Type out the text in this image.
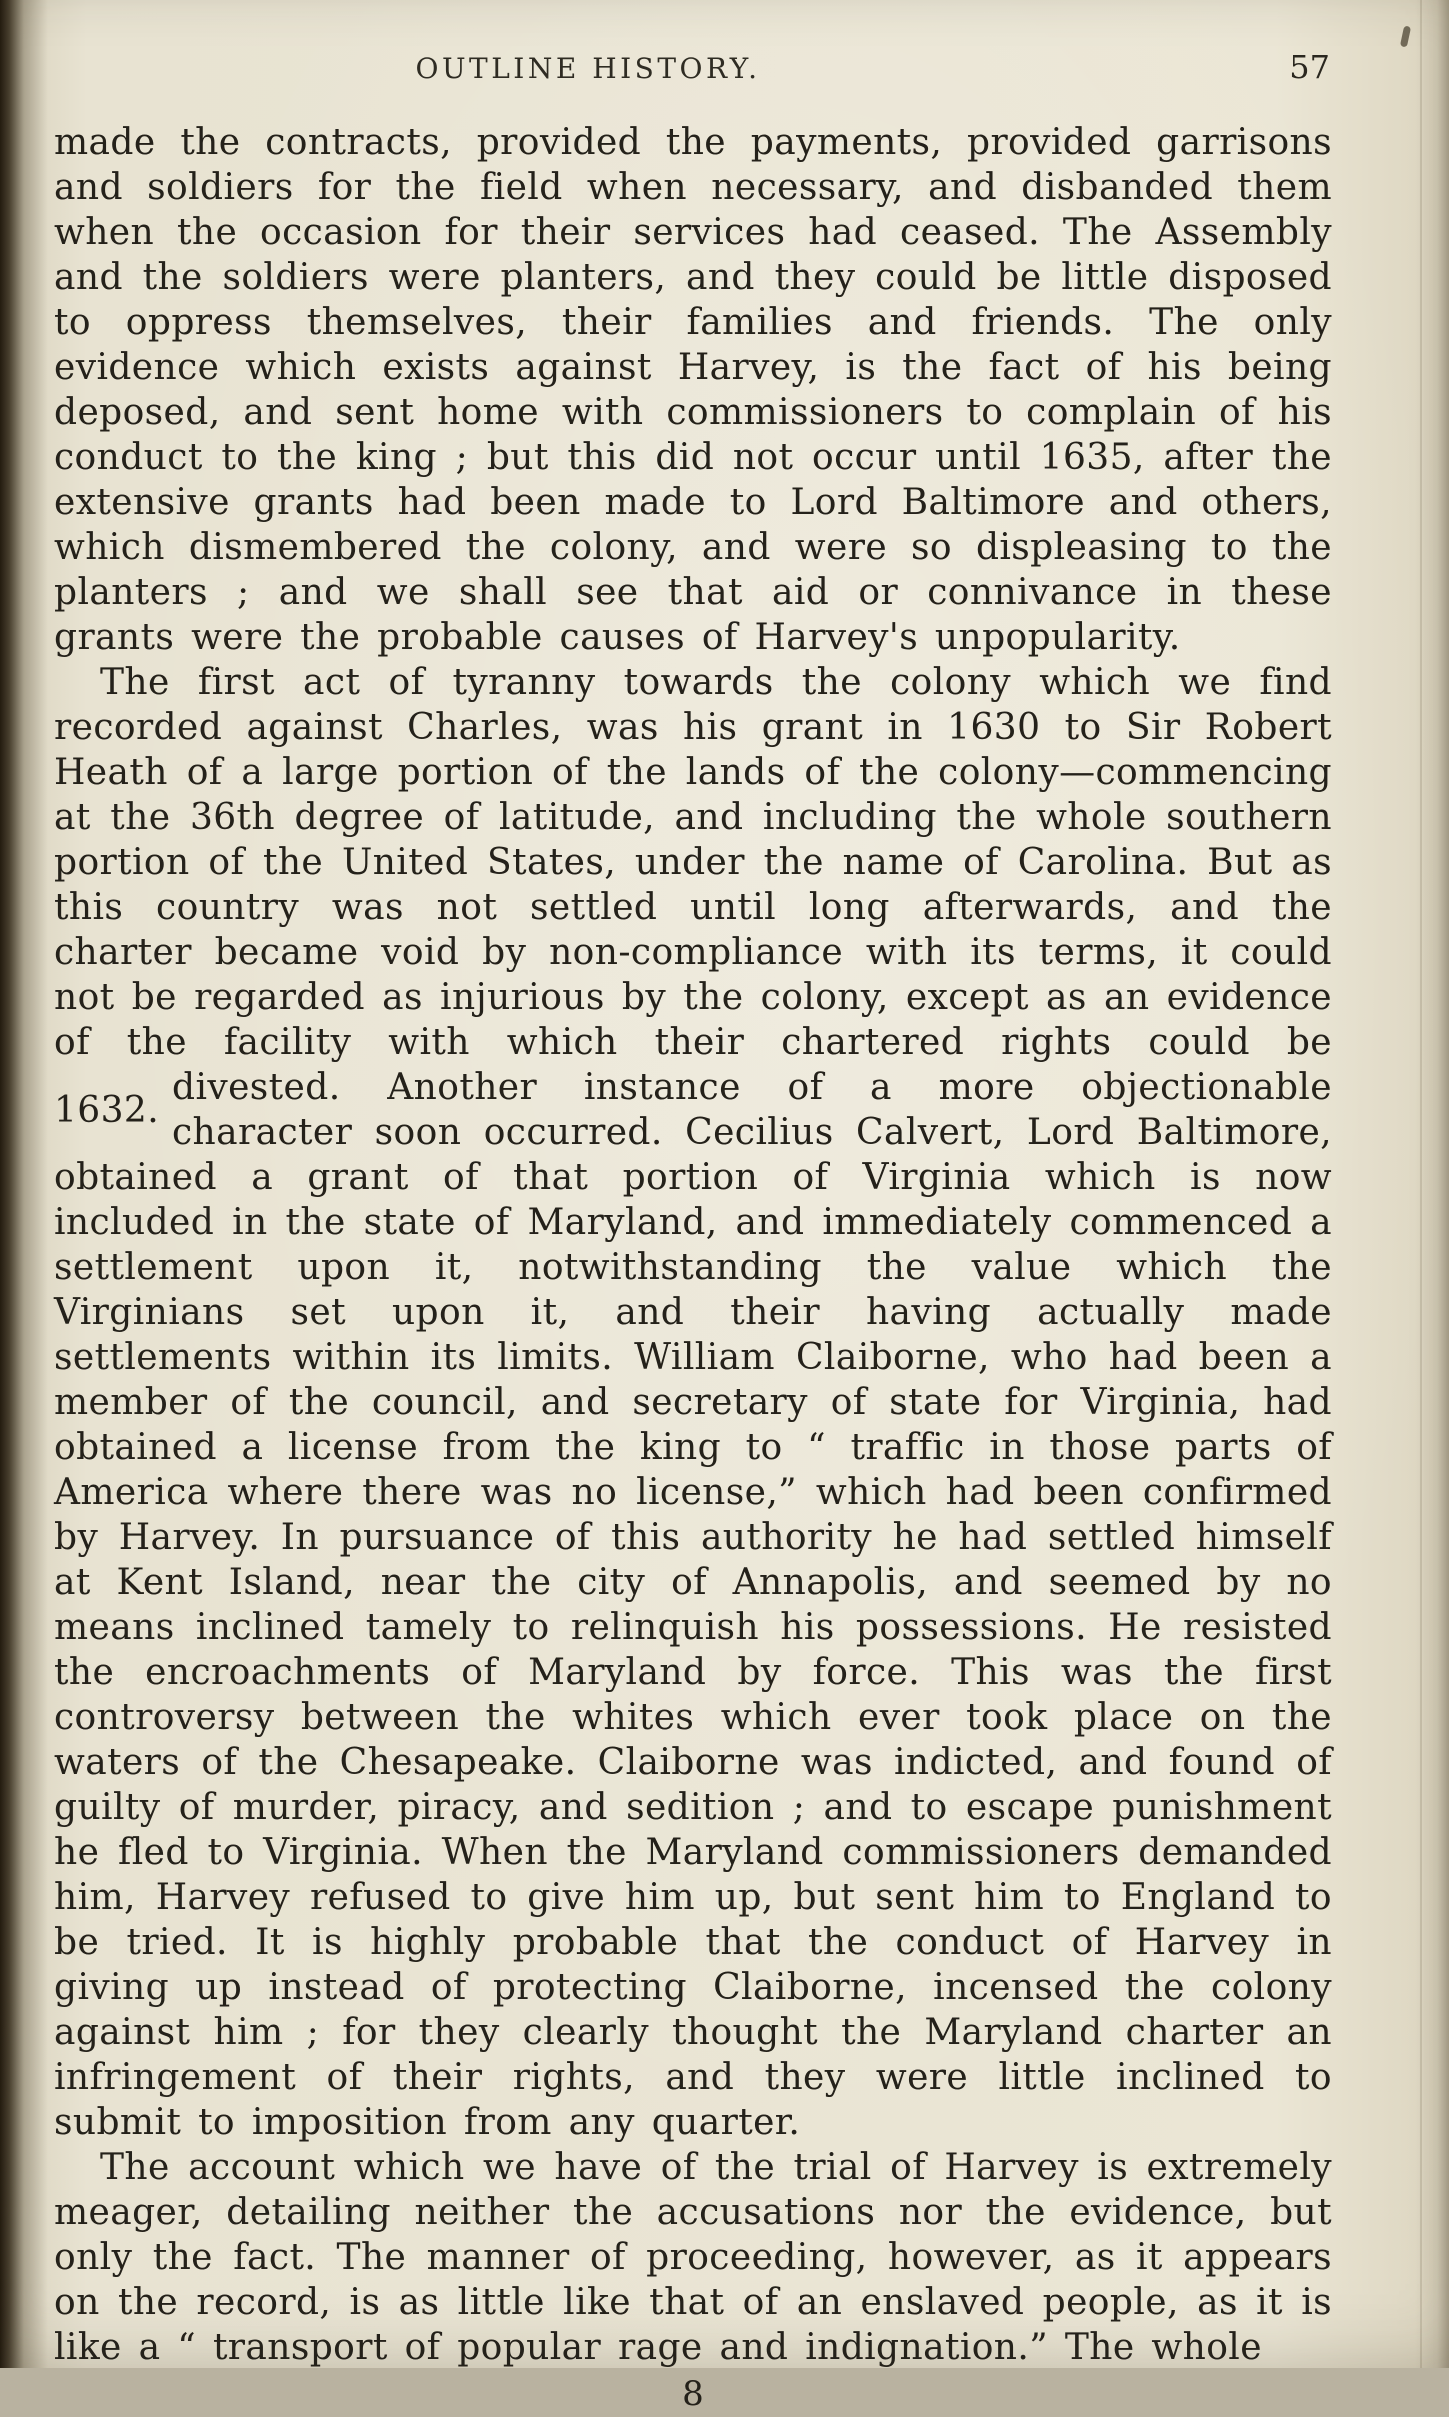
OUTLINE HISTORY.	57

made the contracts, provided the payments, provided garrisons and soldiers for the field when necessary, and disbanded them when the occasion for their services had ceased. The Assembly and the soldiers were planters, and they could be little disposed to oppress themselves, their families and friends. The only evidence which exists against Harvey, is the fact of his being deposed, and sent home with commissioners to complain of his conduct to the king ; but this did not occur until 1635, after the extensive grants had been made to Lord Baltimore and others, which dismembered the colony, and were so displeasing to the planters ; and we shall see that aid or connivance in these grants were the probable causes of Harvey's unpopularity.

The first act of tyranny towards the colony which we find recorded against Charles, was his grant in 1630 to Sir Robert Heath of a large portion of the lands of the colony—commencing at the 36th degree of latitude, and including the whole southern portion of the United States, under the name of Carolina. But as this country was not settled until long afterwards, and the charter became void by non-compliance with its terms, it could not be regarded as injurious by the colony, except as an evidence of the facility with which their chartered rights could be divested.
1632.
Another instance of a more objectionable character soon occurred. Cecilius Calvert, Lord Baltimore, obtained a grant of that portion of Virginia which is now included in the state of Maryland, and immediately commenced a settlement upon it, notwithstanding the value which the Virginians set upon it, and their having actually made settlements within its limits. William Claiborne, who had been a member of the council, and secretary of state for Virginia, had obtained a license from the king to “ traffic in those parts of America where there was no license,” which had been confirmed by Harvey. In pursuance of this authority he had settled himself at Kent Island, near the city of Annapolis, and seemed by no means inclined tamely to relinquish his possessions. He resisted the encroachments of Maryland by force. This was the first controversy between the whites which ever took place on the waters of the Chesapeake. Claiborne was indicted, and found of guilty of murder, piracy, and sedition ; and to escape punishment he fled to Virginia. When the Maryland commissioners demanded him, Harvey refused to give him up, but sent him to England to be tried. It is highly probable that the conduct of Harvey in giving up instead of protecting Claiborne, incensed the colony against him ; for they clearly thought the Maryland charter an infringement of their rights, and they were little inclined to submit to imposition from any quarter.

The account which we have of the trial of Harvey is extremely meager, detailing neither the accusations nor the evidence, but only the fact. The manner of proceeding, however, as it appears on the record, is as little like that of an enslaved people, as it is like a “ transport of popular rage and indignation.” The whole

8
